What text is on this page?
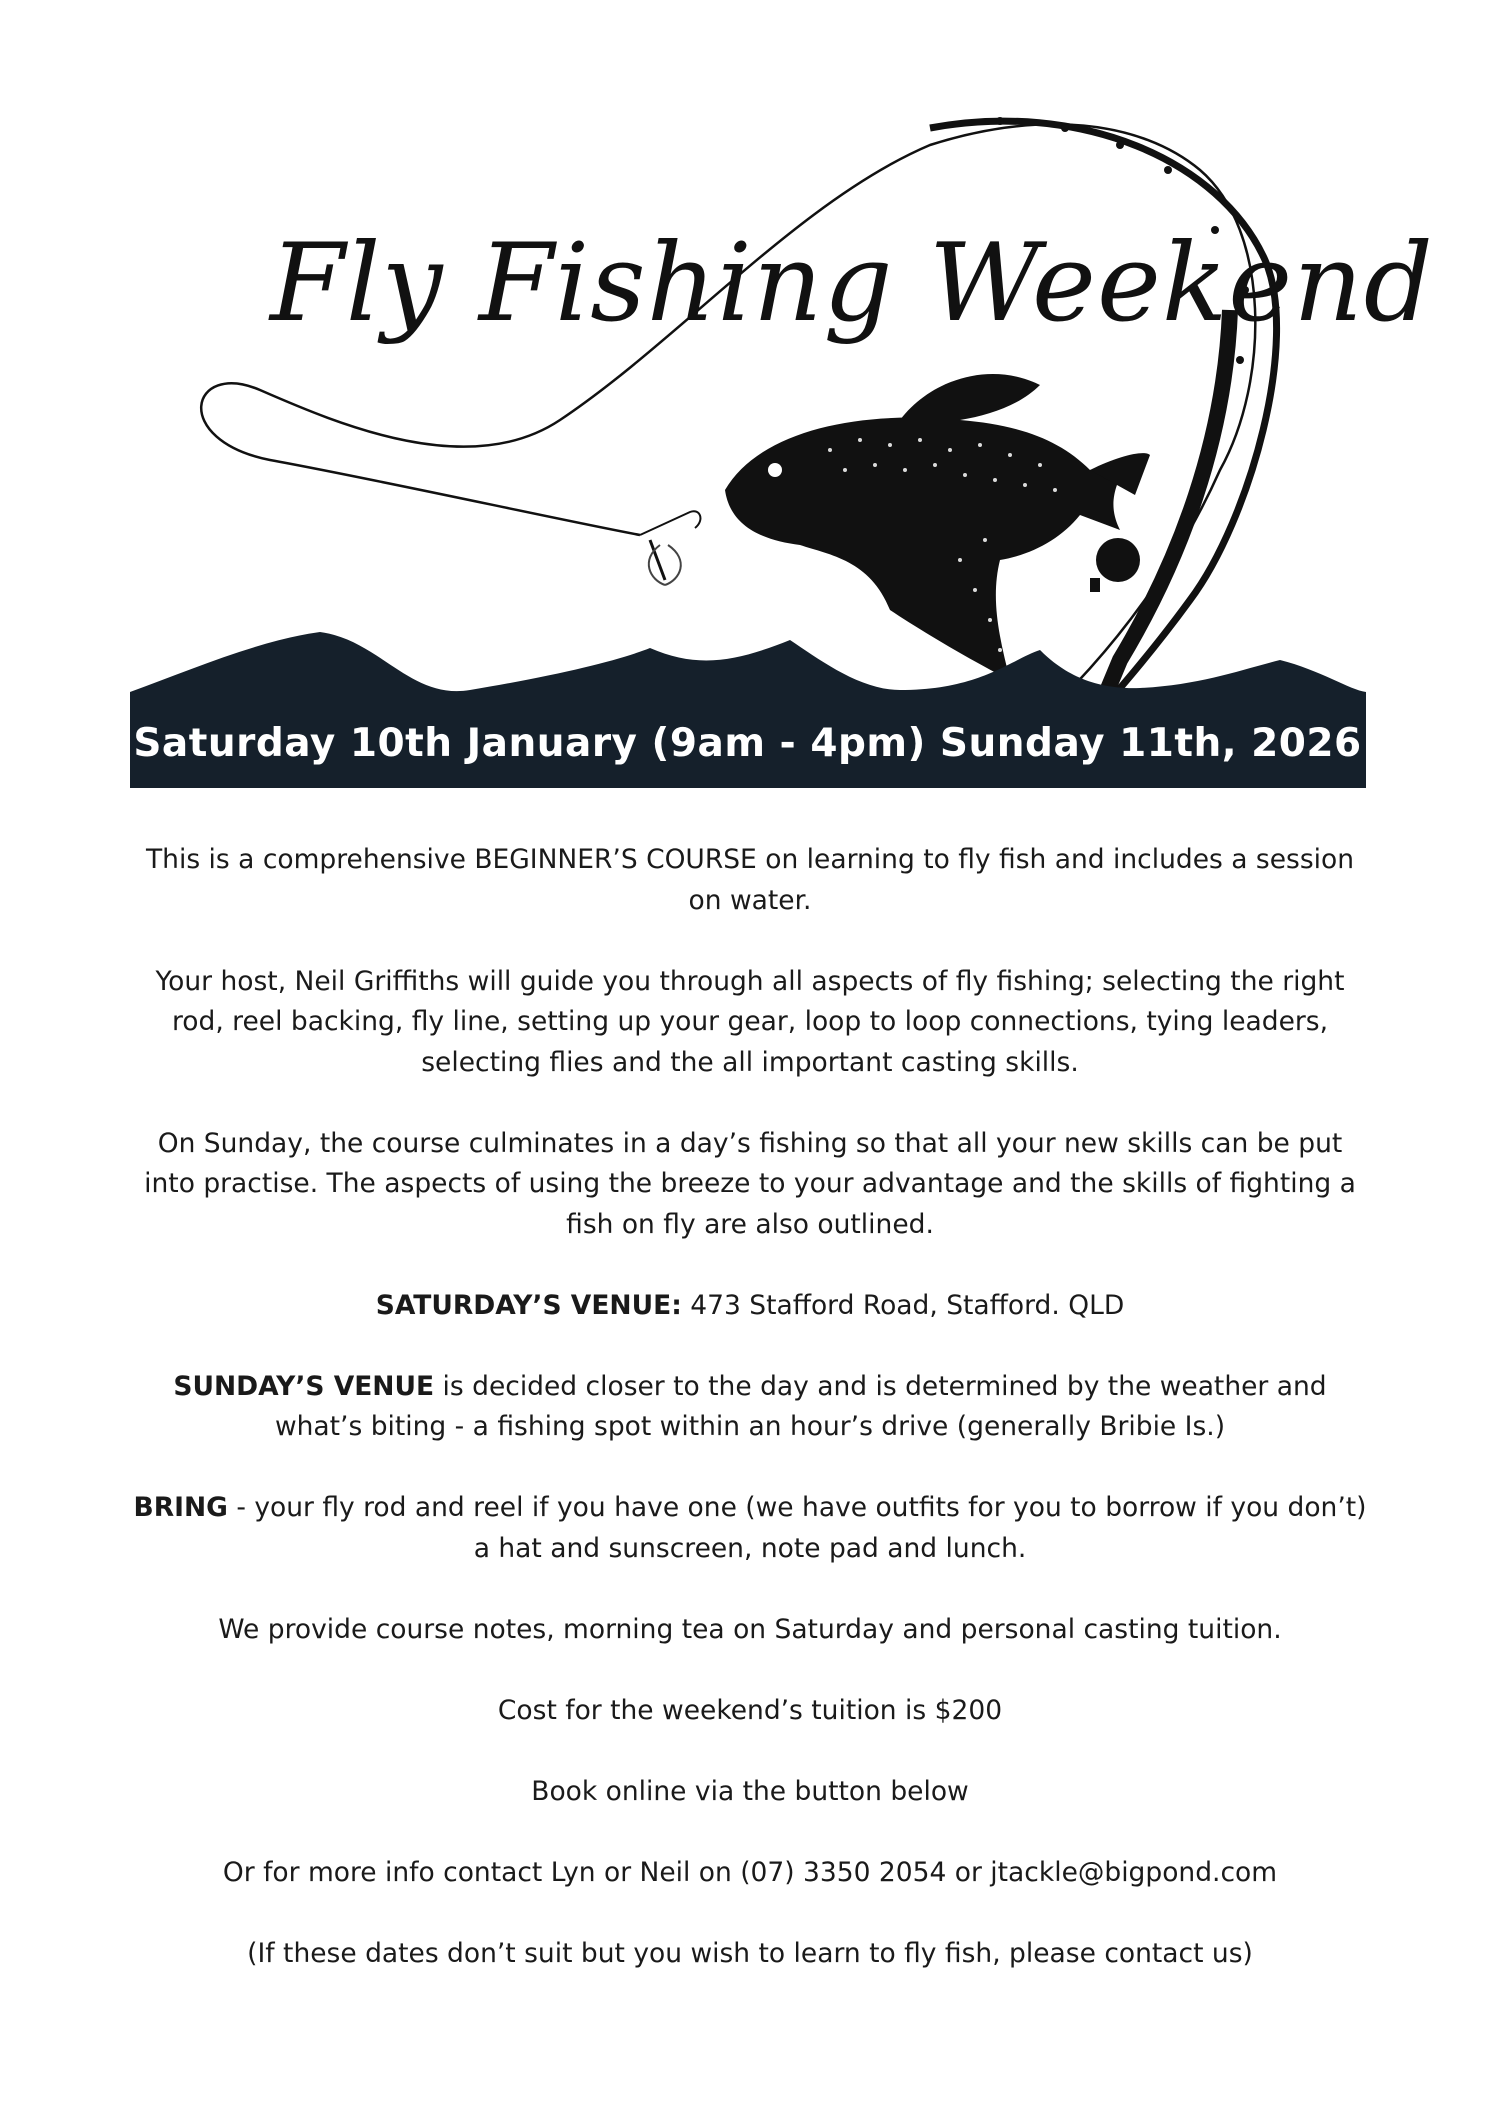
Fly Fishing Weekend
Saturday 10th January (9am - 4pm) Sunday 11th, 2026

This is a comprehensive BEGINNER’S COURSE on learning to fly fish and includes a session on water.

Your host, Neil Griffiths will guide you through all aspects of fly fishing; selecting the right rod, reel backing, fly line, setting up your gear, loop to loop connections, tying leaders, selecting flies and the all important casting skills.

On Sunday, the course culminates in a day’s fishing so that all your new skills can be put into practise. The aspects of using the breeze to your advantage and the skills of fighting a fish on fly are also outlined.

SATURDAY’S VENUE: 473 Stafford Road, Stafford. QLD

SUNDAY’S VENUE is decided closer to the day and is determined by the weather and what’s biting - a fishing spot within an hour’s drive (generally Bribie Is.)

BRING - your fly rod and reel if you have one (we have outfits for you to borrow if you don’t) a hat and sunscreen, note pad and lunch.

We provide course notes, morning tea on Saturday and personal casting tuition.

Cost for the weekend’s tuition is $200

Book online via the button below

Or for more info contact Lyn or Neil on (07) 3350 2054 or jtackle@bigpond.com

(If these dates don’t suit but you wish to learn to fly fish, please contact us)
